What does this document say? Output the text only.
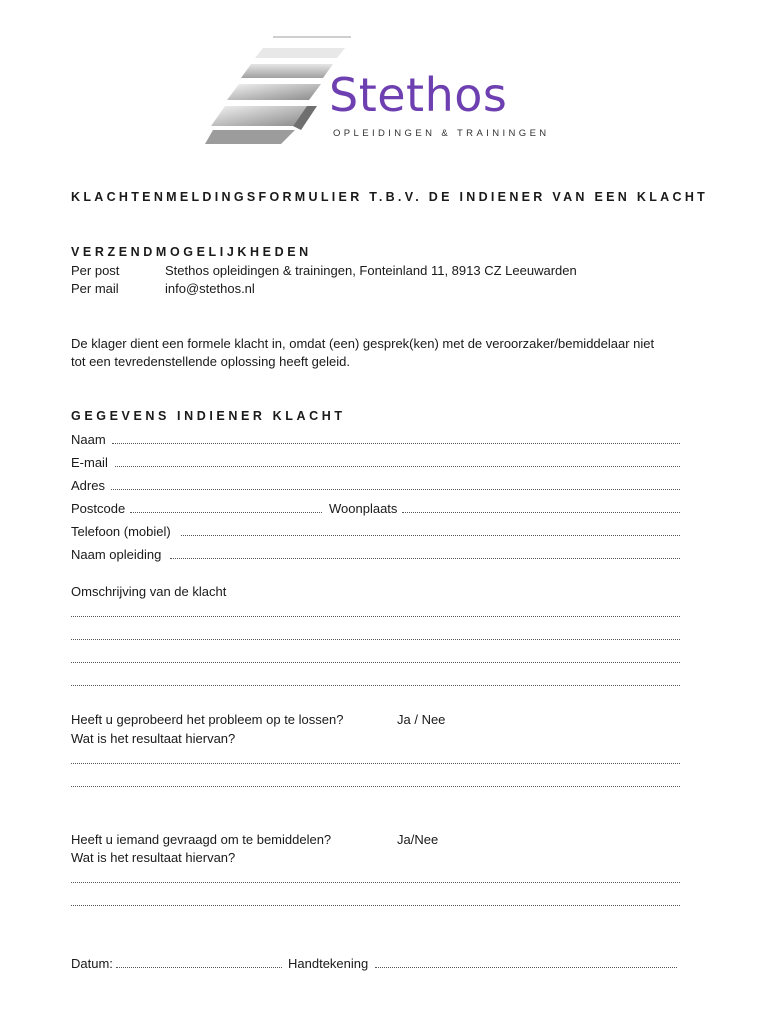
Stethos
OPLEIDINGEN & TRAININGEN
KLACHTENMELDINGSFORMULIER T.B.V. DE INDIENER VAN EEN KLACHT
VERZENDMOGELIJKHEDEN
Per post	Stethos opleidingen & trainingen, Fonteinland 11, 8913 CZ Leeuwarden
Per mail	info@stethos.nl
De klager dient een formele klacht in, omdat (een) gesprek(ken) met de veroorzaker/bemiddelaar niet
tot een tevredenstellende oplossing heeft geleid.
GEGEVENS INDIENER KLACHT
Naam
E-mail
Adres
Postcode	Woonplaats
Telefoon (mobiel)
Naam opleiding
Omschrijving van de klacht
Heeft u geprobeerd het probleem op te lossen?	Ja / Nee
Wat is het resultaat hiervan?
Heeft u iemand gevraagd om te bemiddelen?	Ja/Nee
Wat is het resultaat hiervan?
Datum:	Handtekening
